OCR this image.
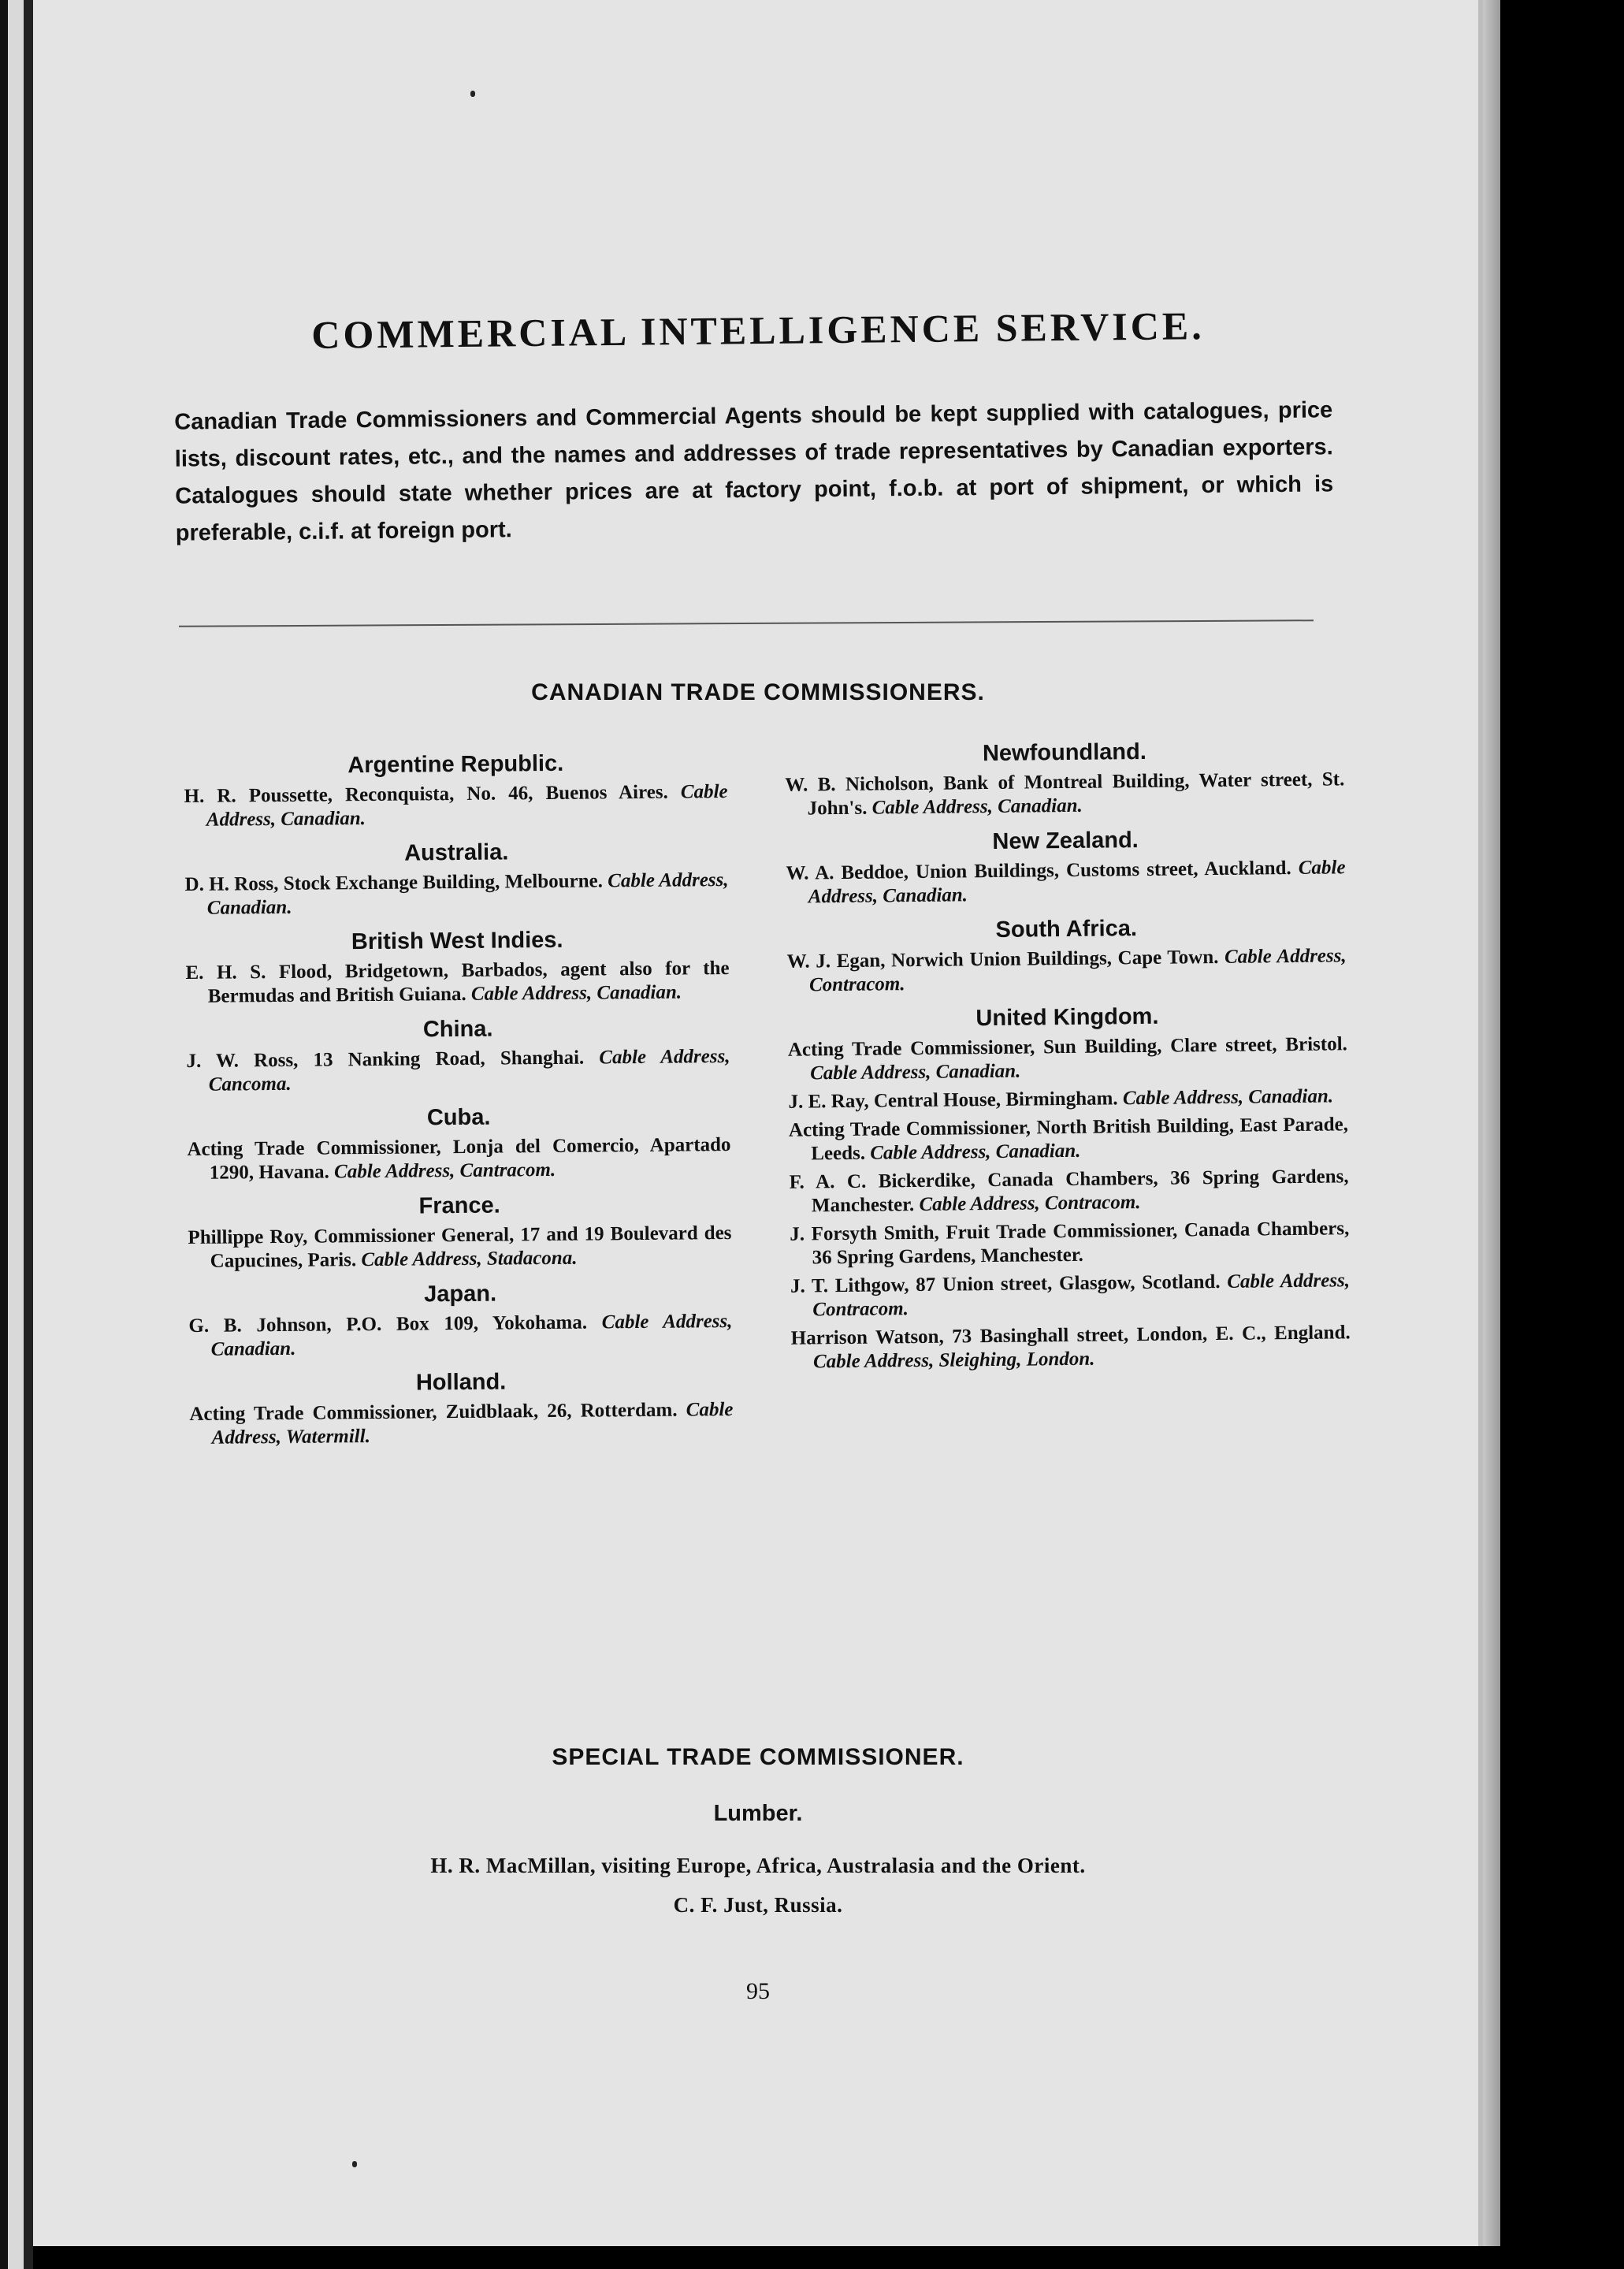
COMMERCIAL INTELLIGENCE SERVICE.
Canadian Trade Commissioners and Commercial Agents should be kept supplied with catalogues, price lists, discount rates, etc., and the names and addresses of trade representatives by Canadian exporters. Catalogues should state whether prices are at factory point, f.o.b. at port of shipment, or which is preferable, c.i.f. at foreign port.
CANADIAN TRADE COMMISSIONERS.
Argentine Republic.
H. R. Poussette, Reconquista, No. 46, Buenos Aires. Cable Address, Canadian.
Australia.
D. H. Ross, Stock Exchange Building, Melbourne. Cable Address, Canadian.
British West Indies.
E. H. S. Flood, Bridgetown, Barbados, agent also for the Bermudas and British Guiana. Cable Address, Canadian.
China.
J. W. Ross, 13 Nanking Road, Shanghai. Cable Address, Cancoma.
Cuba.
Acting Trade Commissioner, Lonja del Comercio, Apartado 1290, Havana. Cable Address, Cantracom.
France.
Phillippe Roy, Commissioner General, 17 and 19 Boulevard des Capucines, Paris. Cable Address, Stadacona.
Japan.
G. B. Johnson, P.O. Box 109, Yokohama. Cable Address, Canadian.
Holland.
Acting Trade Commissioner, Zuidblaak, 26, Rotterdam. Cable Address, Watermill.
Newfoundland.
W. B. Nicholson, Bank of Montreal Building, Water street, St. John's. Cable Address, Canadian.
New Zealand.
W. A. Beddoe, Union Buildings, Customs street, Auckland. Cable Address, Canadian.
South Africa.
W. J. Egan, Norwich Union Buildings, Cape Town. Cable Address, Contracom.
United Kingdom.
Acting Trade Commissioner, Sun Building, Clare street, Bristol. Cable Address, Canadian.
J. E. Ray, Central House, Birmingham. Cable Address, Canadian.
Acting Trade Commissioner, North British Building, East Parade, Leeds. Cable Address, Canadian.
F. A. C. Bickerdike, Canada Chambers, 36 Spring Gardens, Manchester. Cable Address, Contracom.
J. Forsyth Smith, Fruit Trade Commissioner, Canada Chambers, 36 Spring Gardens, Manchester.
J. T. Lithgow, 87 Union street, Glasgow, Scotland. Cable Address, Contracom.
Harrison Watson, 73 Basinghall street, London, E. C., England. Cable Address, Sleighing, London.
SPECIAL TRADE COMMISSIONER.
Lumber.
H. R. MacMillan, visiting Europe, Africa, Australasia and the Orient.
C. F. Just, Russia.
95
